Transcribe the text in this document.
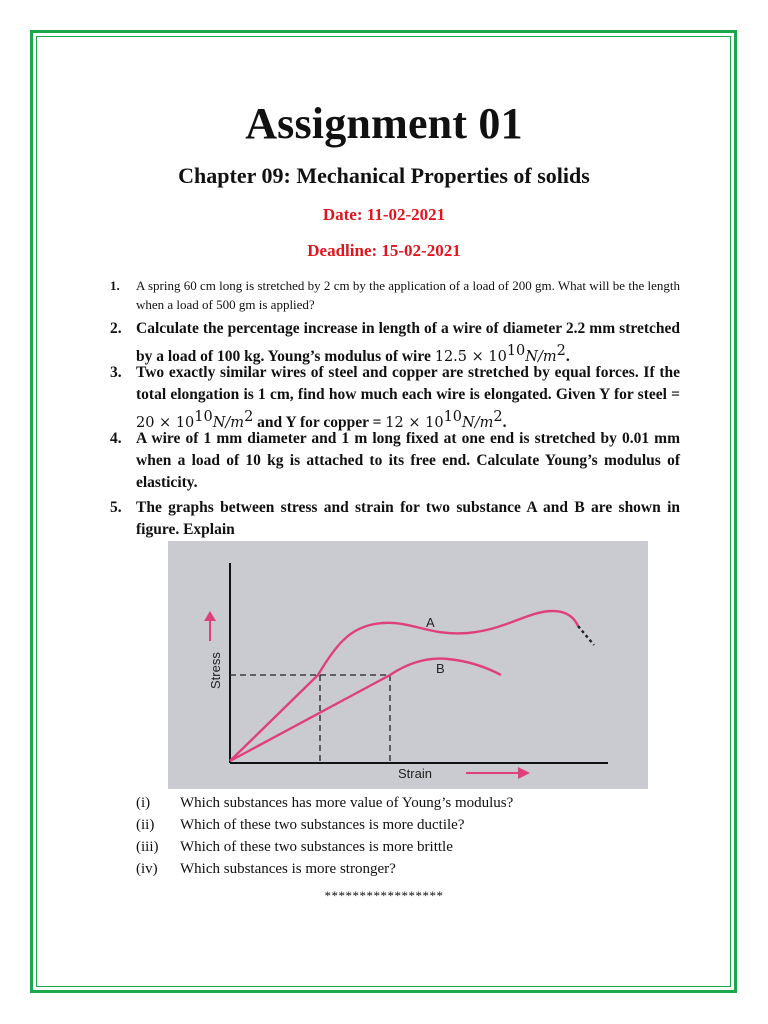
Assignment 01
Chapter 09: Mechanical Properties of solids
Date: 11-02-2021
Deadline: 15-02-2021
1.	A spring 60 cm long is stretched by 2 cm by the application of a load of 200 gm. What will be the length when a load of 500 gm is applied?
2. Calculate the percentage increase in length of a wire of diameter 2.2 mm stretched by a load of 100 kg. Young’s modulus of wire $12.5 \times 10^{10}N/m^2$.
3. Two exactly similar wires of steel and copper are stretched by equal forces. If the total elongation is 1 cm, find how much each wire is elongated. Given Y for steel = $20 \times 10^{10}N/m^2$ and Y for copper = $12 \times 10^{10}N/m^2$.
4. A wire of 1 mm diameter and 1 m long fixed at one end is stretched by 0.01 mm when a load of 10 kg is attached to its free end. Calculate Young’s modulus of elasticity.
5. The graphs between stress and strain for two substance A and B are shown in figure. Explain
Stress
Strain
A
B
(i)	Which substances has more value of Young’s modulus?
(ii)	Which of these two substances is more ductile?
(iii)	Which of these two substances is more brittle
(iv)	Which substances is more stronger?
*****************
